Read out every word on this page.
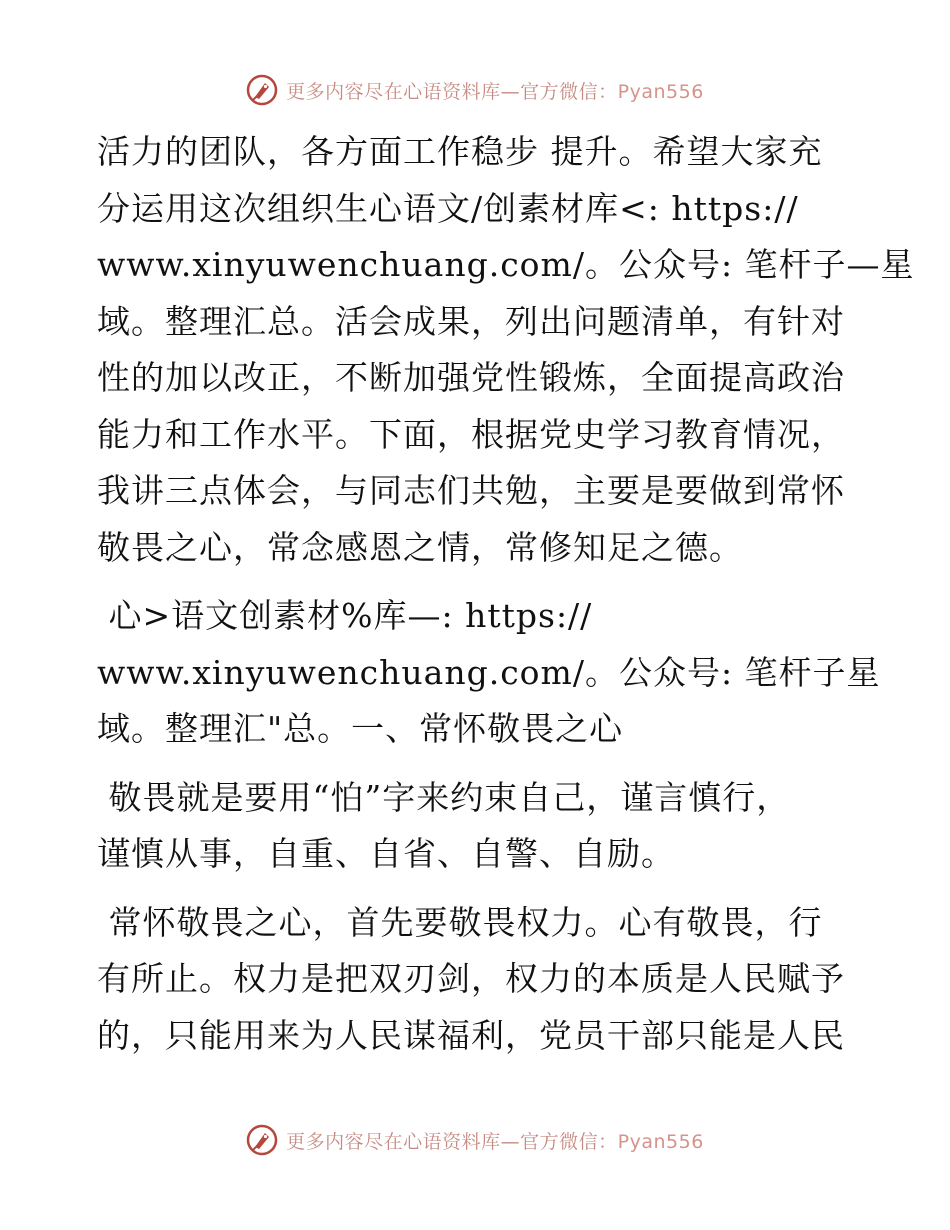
更多内容尽在心语资料库—官方微信：Pyan556

活力的团队，各方面工作稳步 提升。希望大家充

分运用这次组织生心语文/创素材库<: https://

www.xinyuwenchuang.com/。公众号: 笔杆子—星

域。整理汇总。活会成果，列出问题清单，有针对

性的加以改正，不断加强党性锻炼，全面提高政治

能力和工作水平。下面，根据党史学习教育情况，

我讲三点体会，与同志们共勉，主要是要做到常怀

敬畏之心，常念感恩之情，常修知足之德。

心>语文创素材%库—: https://

www.xinyuwenchuang.com/。公众号: 笔杆子星

域。整理汇"总。一、常怀敬畏之心

敬畏就是要用“怕”字来约束自己，谨言慎行，

谨慎从事，自重、自省、自警、自励。

常怀敬畏之心，首先要敬畏权力。心有敬畏，行

有所止。权力是把双刃剑，权力的本质是人民赋予

的，只能用来为人民谋福利，党员干部只能是人民

更多内容尽在心语资料库—官方微信：Pyan556
